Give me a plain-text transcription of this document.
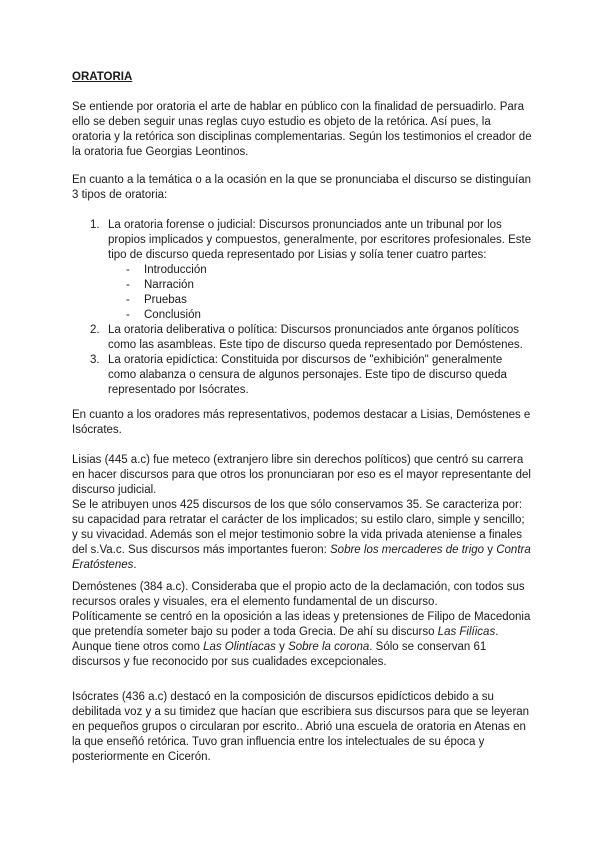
ORATORIA

Se entiende por oratoria el arte de hablar en público con la finalidad de persuadirlo. Para ello se deben seguir unas reglas cuyo estudio es objeto de la retórica. Así pues, la oratoria y la retórica son disciplinas complementarias. Según los testimonios el creador de la oratoria fue Georgias Leontinos.

En cuanto a la temática o a la ocasión en la que se pronunciaba el discurso se distinguían 3 tipos de oratoria:

1. La oratoria forense o judicial: Discursos pronunciados ante un tribunal por los propios implicados y compuestos, generalmente, por escritores profesionales. Este tipo de discurso queda representado por Lisias y solía tener cuatro partes:
- Introducción
- Narración
- Pruebas
- Conclusión
2. La oratoria deliberativa o política: Discursos pronunciados ante órganos políticos como las asambleas. Este tipo de discurso queda representado por Demóstenes.
3. La oratoria epidíctica: Constituida por discursos de "exhibición" generalmente como alabanza o censura de algunos personajes. Este tipo de discurso queda representado por Isócrates.

En cuanto a los oradores más representativos, podemos destacar a Lisias, Demóstenes e Isócrates.

Lisias (445 a.c) fue meteco (extranjero libre sin derechos políticos) que centró su carrera en hacer discursos para que otros los pronunciaran por eso es el mayor representante del discurso judicial.
Se le atribuyen unos 425 discursos de los que sólo conservamos 35. Se caracteriza por: su capacidad para retratar el carácter de los implicados; su estilo claro, simple y sencillo; y su vivacidad. Además son el mejor testimonio sobre la vida privada ateniense a finales del s.Va.c. Sus discursos más importantes fueron: Sobre los mercaderes de trigo y Contra Eratóstenes.
Demóstenes (384 a.c). Consideraba que el propio acto de la declamación, con todos sus recursos orales y visuales, era el elemento fundamental de un discurso.
Políticamente se centró en la oposición a las ideas y pretensiones de Filipo de Macedonia que pretendía someter bajo su poder a toda Grecia. De ahí su discurso Las Filíicas. Aunque tiene otros como Las Olintíacas y Sobre la corona. Sólo se conservan 61 discursos y fue reconocido por sus cualidades excepcionales.

Isócrates (436 a.c) destacó en la composición de discursos epidícticos debido a su debilitada voz y a su timidez que hacían que escribiera sus discursos para que se leyeran en pequeños grupos o circularan por escrito.. Abrió una escuela de oratoria en Atenas en la que enseñó retórica. Tuvo gran influencia entre los intelectuales de su época y posteriormente en Cicerón.
